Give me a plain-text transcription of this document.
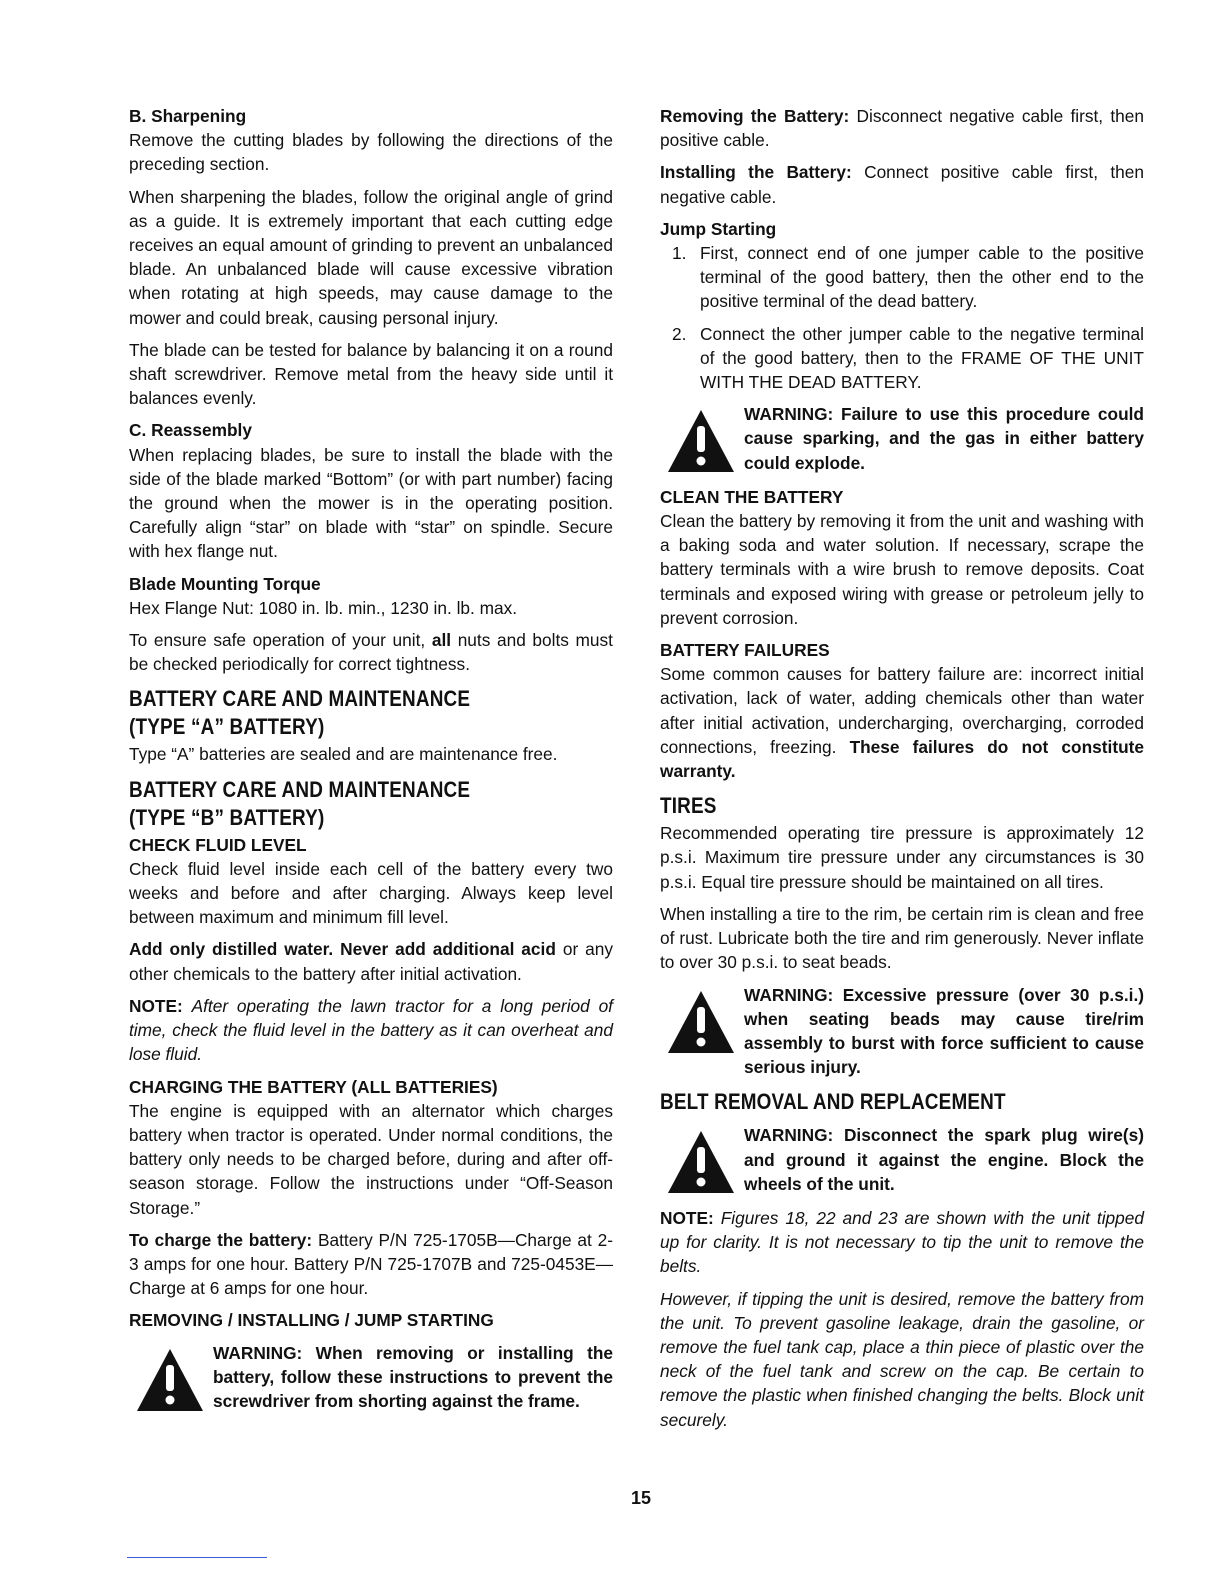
B. Sharpening

Remove the cutting blades by following the directions of the preceding section.

When sharpening the blades, follow the original angle of grind as a guide. It is extremely important that each cutting edge receives an equal amount of grinding to prevent an unbalanced blade. An unbalanced blade will cause excessive vibration when rotating at high speeds, may cause damage to the mower and could break, causing personal injury.

The blade can be tested for balance by balancing it on a round shaft screwdriver. Remove metal from the heavy side until it balances evenly.

C. Reassembly

When replacing blades, be sure to install the blade with the side of the blade marked “Bottom” (or with part number) facing the ground when the mower is in the operating position. Carefully align “star” on blade with “star” on spindle. Secure with hex flange nut.

Blade Mounting Torque

Hex Flange Nut: 1080 in. lb. min., 1230 in. lb. max.

To ensure safe operation of your unit, all nuts and bolts must be checked periodically for correct tightness.

BATTERY CARE AND MAINTENANCE
(TYPE “A” BATTERY)

Type “A” batteries are sealed and are maintenance free.

BATTERY CARE AND MAINTENANCE
(TYPE “B” BATTERY)

CHECK FLUID LEVEL

Check fluid level inside each cell of the battery every two weeks and before and after charging. Always keep level between maximum and minimum fill level.

Add only distilled water. Never add additional acid or any other chemicals to the battery after initial activation.

NOTE: After operating the lawn tractor for a long period of time, check the fluid level in the battery as it can overheat and lose fluid.

CHARGING THE BATTERY (ALL BATTERIES)

The engine is equipped with an alternator which charges battery when tractor is operated. Under normal conditions, the battery only needs to be charged before, during and after off-season storage. Follow the instructions under “Off-Season Storage.”

To charge the battery: Battery P/N 725-1705B—Charge at 2-3 amps for one hour. Battery P/N 725-1707B and 725-0453E—Charge at 6 amps for one hour.

REMOVING / INSTALLING / JUMP STARTING

WARNING: When removing or installing the battery, follow these instructions to prevent the screwdriver from shorting against the frame.

Removing the Battery: Disconnect negative cable first, then positive cable.

Installing the Battery: Connect positive cable first, then negative cable.

Jump Starting

1. First, connect end of one jumper cable to the positive terminal of the good battery, then the other end to the positive terminal of the dead battery.
2. Connect the other jumper cable to the negative terminal of the good battery, then to the FRAME OF THE UNIT WITH THE DEAD BATTERY.
WARNING: Failure to use this procedure could cause sparking, and the gas in either battery could explode.

CLEAN THE BATTERY

Clean the battery by removing it from the unit and washing with a baking soda and water solution. If necessary, scrape the battery terminals with a wire brush to remove deposits. Coat terminals and exposed wiring with grease or petroleum jelly to prevent corrosion.

BATTERY FAILURES

Some common causes for battery failure are: incorrect initial activation, lack of water, adding chemicals other than water after initial activation, undercharging, overcharging, corroded connections, freezing. These failures do not constitute warranty.

TIRES

Recommended operating tire pressure is approximately 12 p.s.i. Maximum tire pressure under any circumstances is 30 p.s.i. Equal tire pressure should be maintained on all tires.

When installing a tire to the rim, be certain rim is clean and free of rust. Lubricate both the tire and rim generously. Never inflate to over 30 p.s.i. to seat beads.

WARNING: Excessive pressure (over 30 p.s.i.) when seating beads may cause tire/rim assembly to burst with force sufficient to cause serious injury.
BELT REMOVAL AND REPLACEMENT
WARNING: Disconnect the spark plug wire(s) and ground it against the engine. Block the wheels of the unit.

NOTE: Figures 18, 22 and 23 are shown with the unit tipped up for clarity. It is not necessary to tip the unit to remove the belts.

However, if tipping the unit is desired, remove the battery from the unit. To prevent gasoline leakage, drain the gasoline, or remove the fuel tank cap, place a thin piece of plastic over the neck of the fuel tank and screw on the cap. Be certain to remove the plastic when finished changing the belts. Block unit securely.

15
